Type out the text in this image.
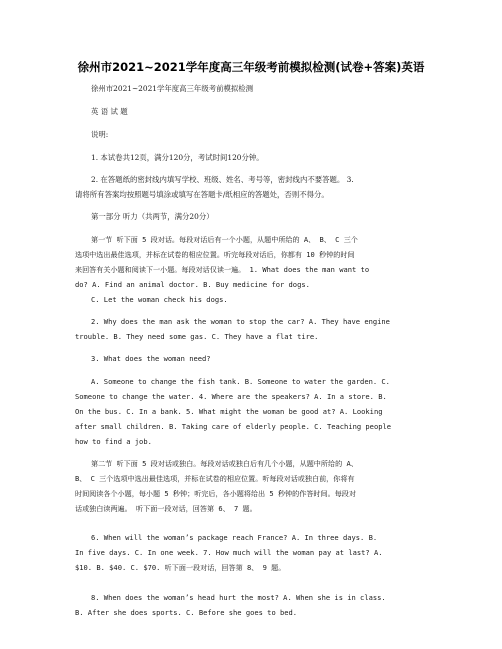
徐州市2021~2021学年度高三年级考前模拟检测(试卷+答案)英语

徐州市2021~2021学年度高三年级考前模拟检测

英 语 试 题

说明:

1. 本试卷共12页，满分120分，考试时间120分钟。

2. 在答题纸的密封线内填写学校、班级、姓名、考号等，密封线内不要答题。 3.
请将所有答案均按照题号填涂或填写在答题卡/纸相应的答题处，否则不得分。

第一部分 听力（共两节，满分20分）

第一节 听下面 5 段对话。每段对话后有一个小题，从题中所给的 A、 B、 C 三个
选项中选出最佳选项，并标在试卷的相应位置。听完每段对话后，你都有 10 秒钟的时间
来回答有关小题和阅读下一小题。每段对话仅读一遍。 1. What does the man want to
do? A. Find an animal doctor. B. Buy medicine for dogs.

C. Let the woman check his dogs.

2. Why does the man ask the woman to stop the car? A. They have engine
trouble. B. They need some gas. C. They have a flat tire.

3. What does the woman need?

A. Someone to change the fish tank. B. Someone to water the garden. C.
Someone to change the water. 4. Where are the speakers? A. In a store. B.
On the bus. C. In a bank. 5. What might the woman be good at? A. Looking
after small children. B. Taking care of elderly people. C. Teaching people
how to find a job.

第二节 听下面 5 段对话或独白。每段对话或独白后有几个小题，从题中所给的 A、
B、 C 三个选项中选出最佳选项，并标在试卷的相应位置。听每段对话或独白前，你将有
时间阅读各个小题，每小题 5 秒钟；听完后，各小题将给出 5 秒钟的作答时间。每段对
话或独白读两遍。 听下面一段对话，回答第 6、 7 题。

6. When will the woman’s package reach France? A. In three days. B.
In five days. C. In one week. 7. How much will the woman pay at last? A.
$10. B. $40. C. $70. 听下面一段对话，回答第 8、 9 题。

8. When does the woman’s head hurt the most? A. When she is in class.
B. After she does sports. C. Before she goes to bed.
